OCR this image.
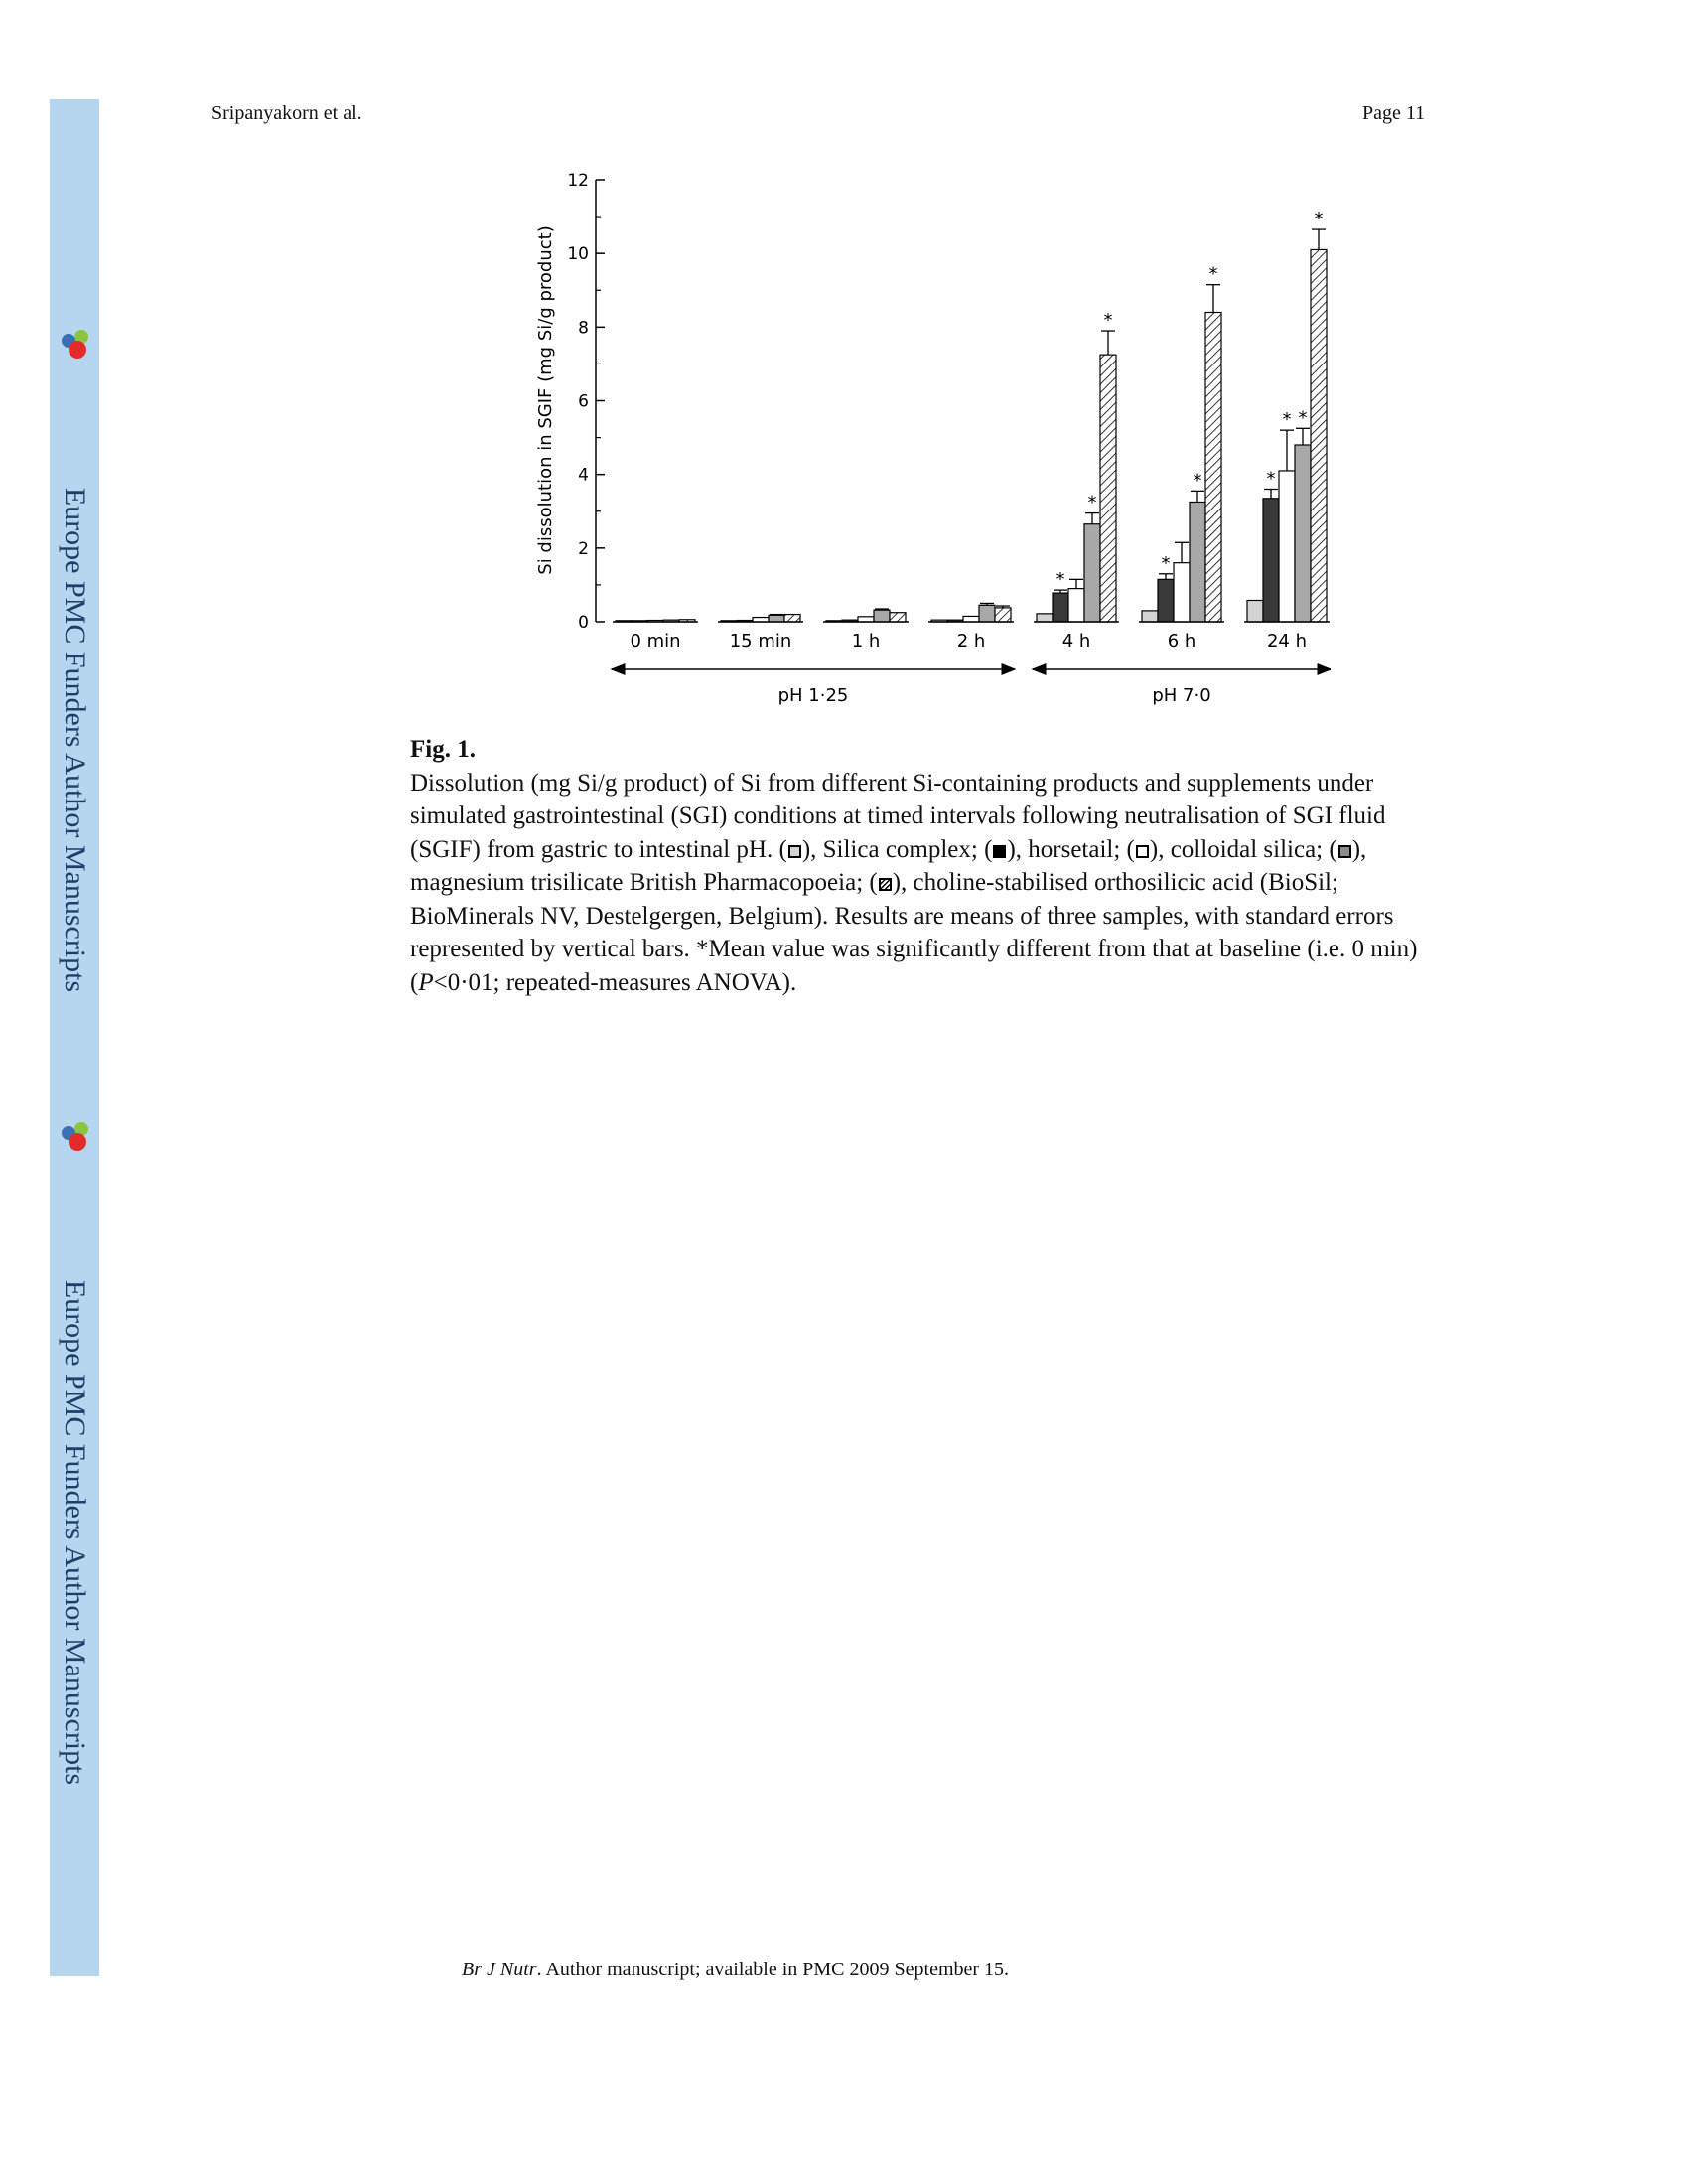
Europe PMC Funders Author Manuscripts
Europe PMC Funders Author Manuscripts
Sripanyakorn et al.	Page 11
0
2
4
6
8
10
12
*
*
*
*
*
*
*
* *
*
0 min	15 min	1 h	2 h	4 h	6 h	24 h
pH 1·25	pH 7·0
Si dissolution in SGIF (mg Si/g product)
Fig. 1.
Dissolution (mg Si/g product) of Si from different Si-containing products and supplements under simulated gastrointestinal (SGI) conditions at timed intervals following neutralisation of SGI fluid (SGIF) from gastric to intestinal pH. ( ), Silica complex; ( ), horsetail; ( ), colloidal silica; ( ), magnesium trisilicate British Pharmacopoeia; ( ), choline-stabilised orthosilicic acid (BioSil; BioMinerals NV, Destelgergen, Belgium). Results are means of three samples, with standard errors represented by vertical bars. *Mean value was significantly different from that at baseline (i.e. 0 min) (P<0·01; repeated-measures ANOVA).
Br J Nutr. Author manuscript; available in PMC 2009 September 15.
